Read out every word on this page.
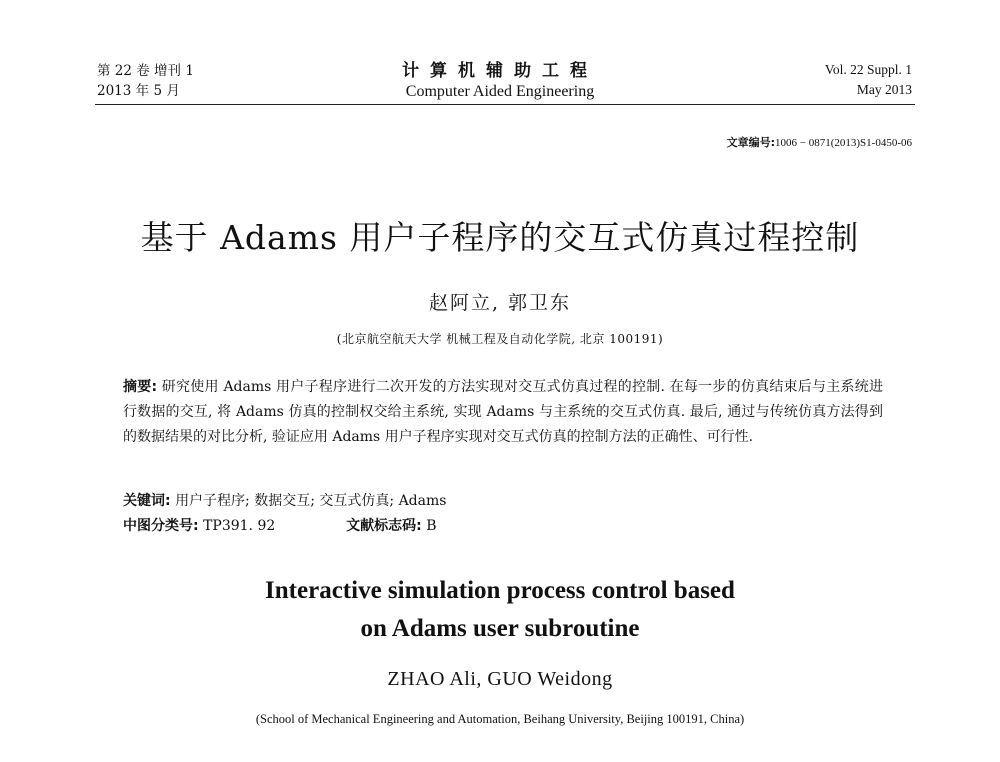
第 22 卷 增刊 1
2013 年 5 月
计算机辅助工程
Computer Aided Engineering
Vol. 22 Suppl. 1
May 2013
文章编号:1006 − 0871(2013)S1-0450-06
基于 Adams 用户子程序的交互式仿真过程控制
赵阿立, 郭卫东
(北京航空航天大学 机械工程及自动化学院, 北京 100191)
摘要: 研究使用 Adams 用户子程序进行二次开发的方法实现对交互式仿真过程的控制. 在每一步的仿真结束后与主系统进行数据的交互, 将 Adams 仿真的控制权交给主系统, 实现 Adams 与主系统的交互式仿真. 最后, 通过与传统仿真方法得到的数据结果的对比分析, 验证应用 Adams 用户子程序实现对交互式仿真的控制方法的正确性、可行性.
关键词: 用户子程序; 数据交互; 交互式仿真; Adams
中图分类号: TP391. 92	文献标志码: B
Interactive simulation process control based on Adams user subroutine
ZHAO Ali, GUO Weidong
(School of Mechanical Engineering and Automation, Beihang University, Beijing 100191, China)
